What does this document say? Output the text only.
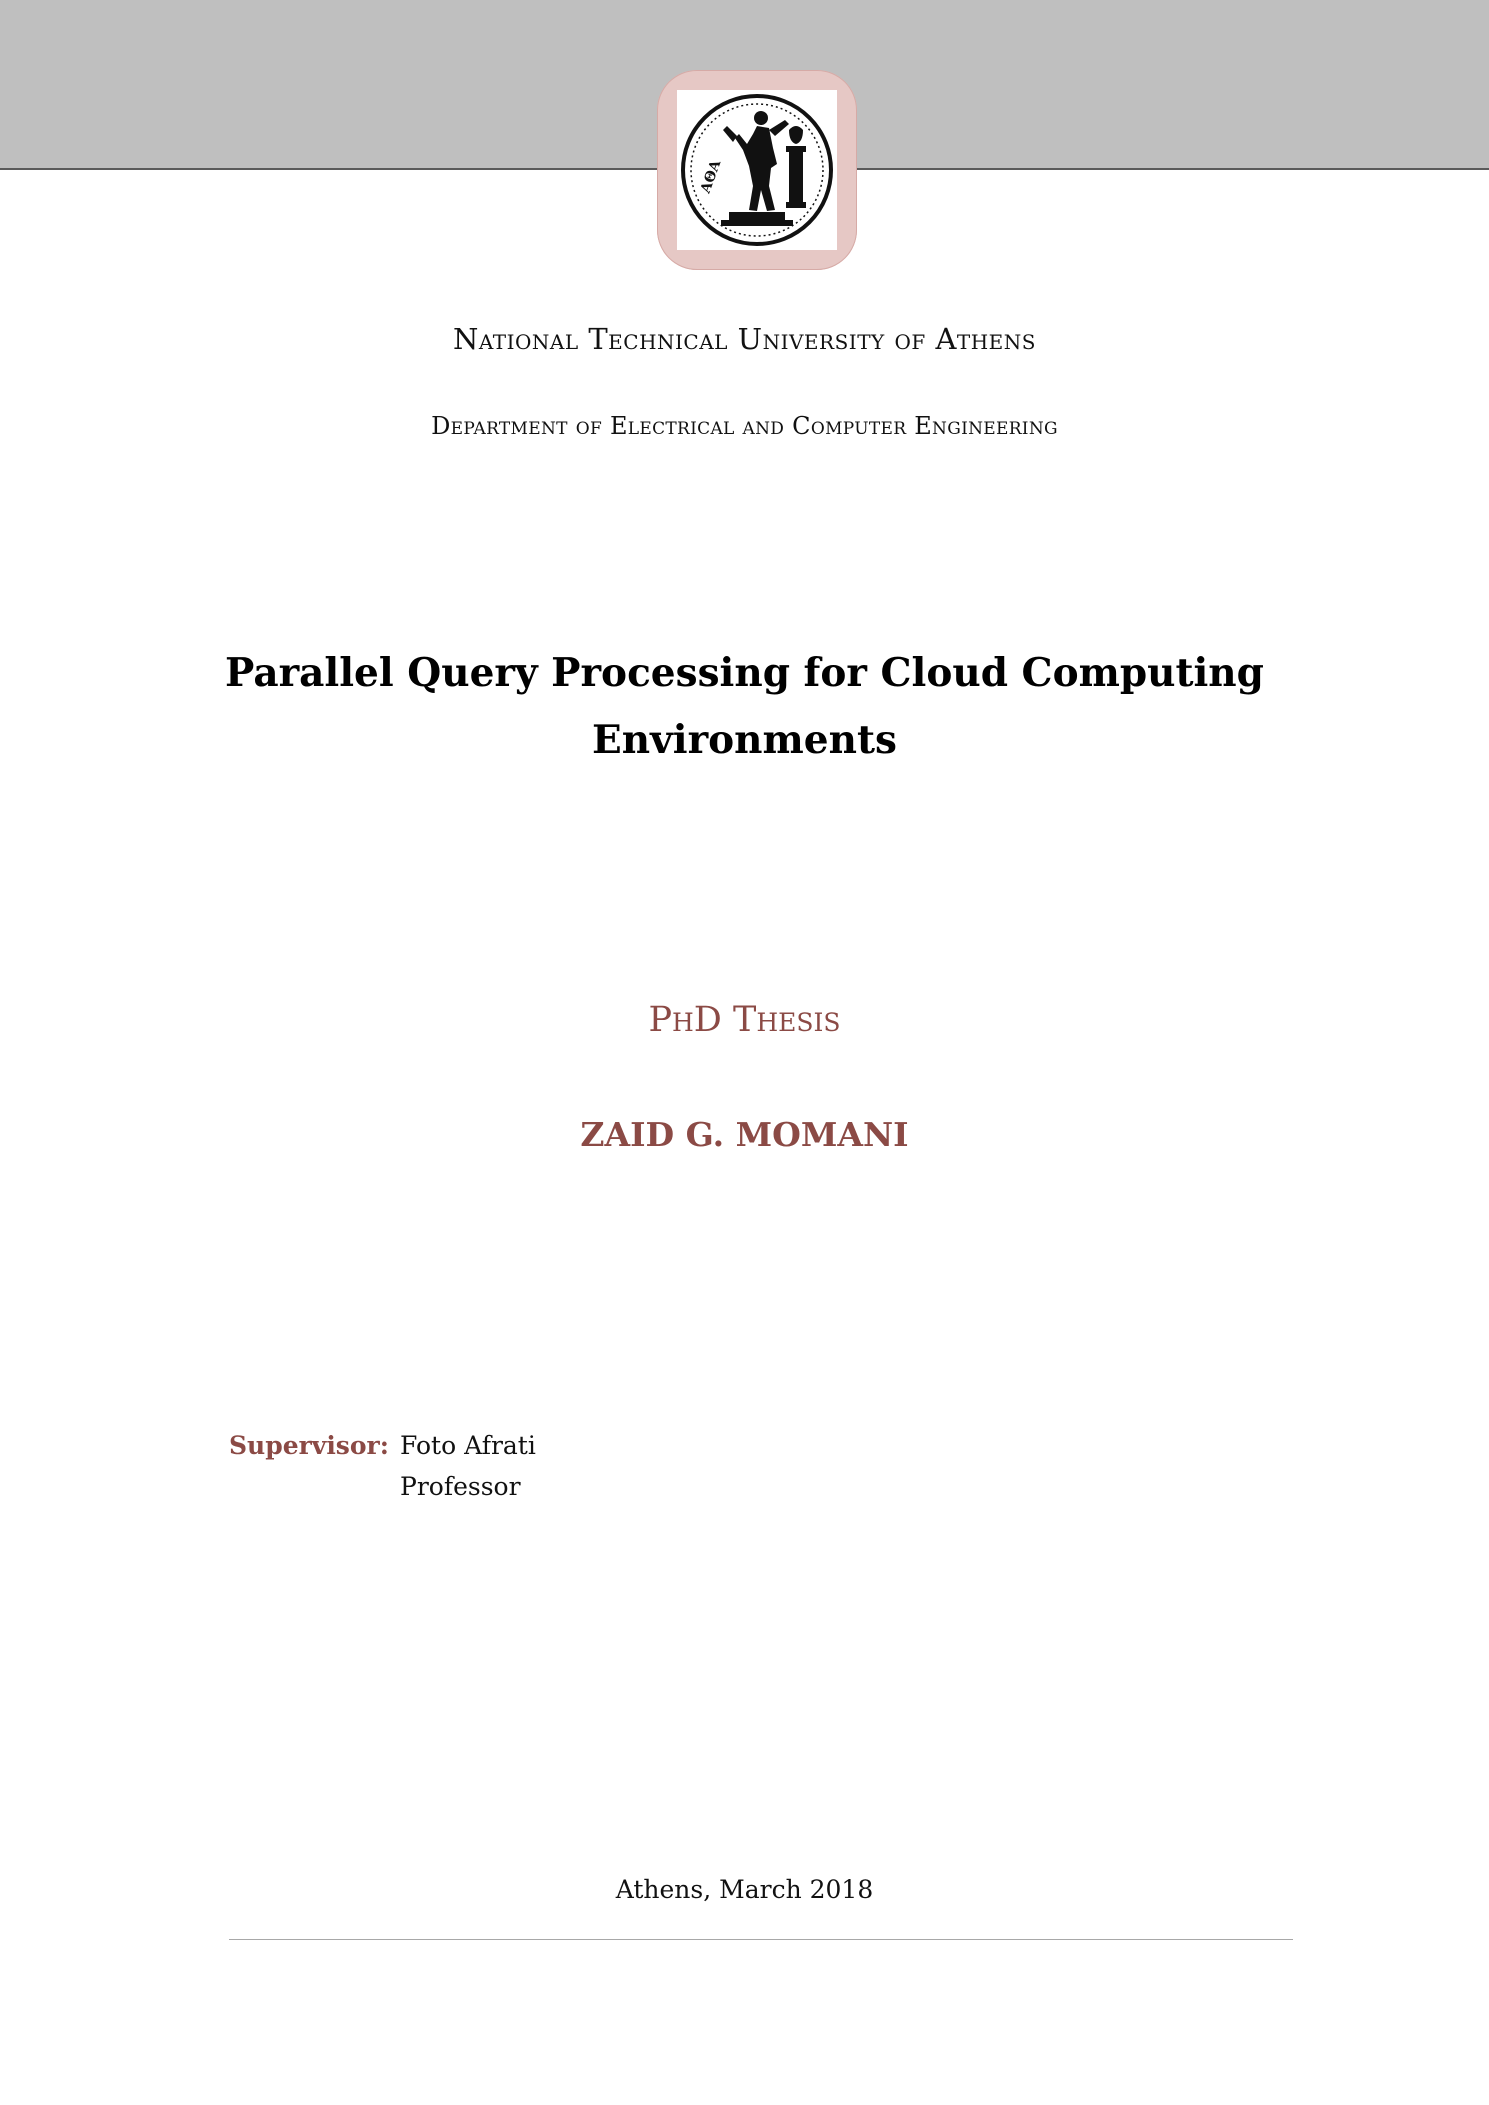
ΑΘΑ
National Technical University of Athens
Department of Electrical and Computer Engineering
Parallel Query Processing for Cloud Computing
Environments
PhD Thesis
ZAID G. MOMANI
Supervisor: Foto Afrati
Professor
Athens, March 2018
